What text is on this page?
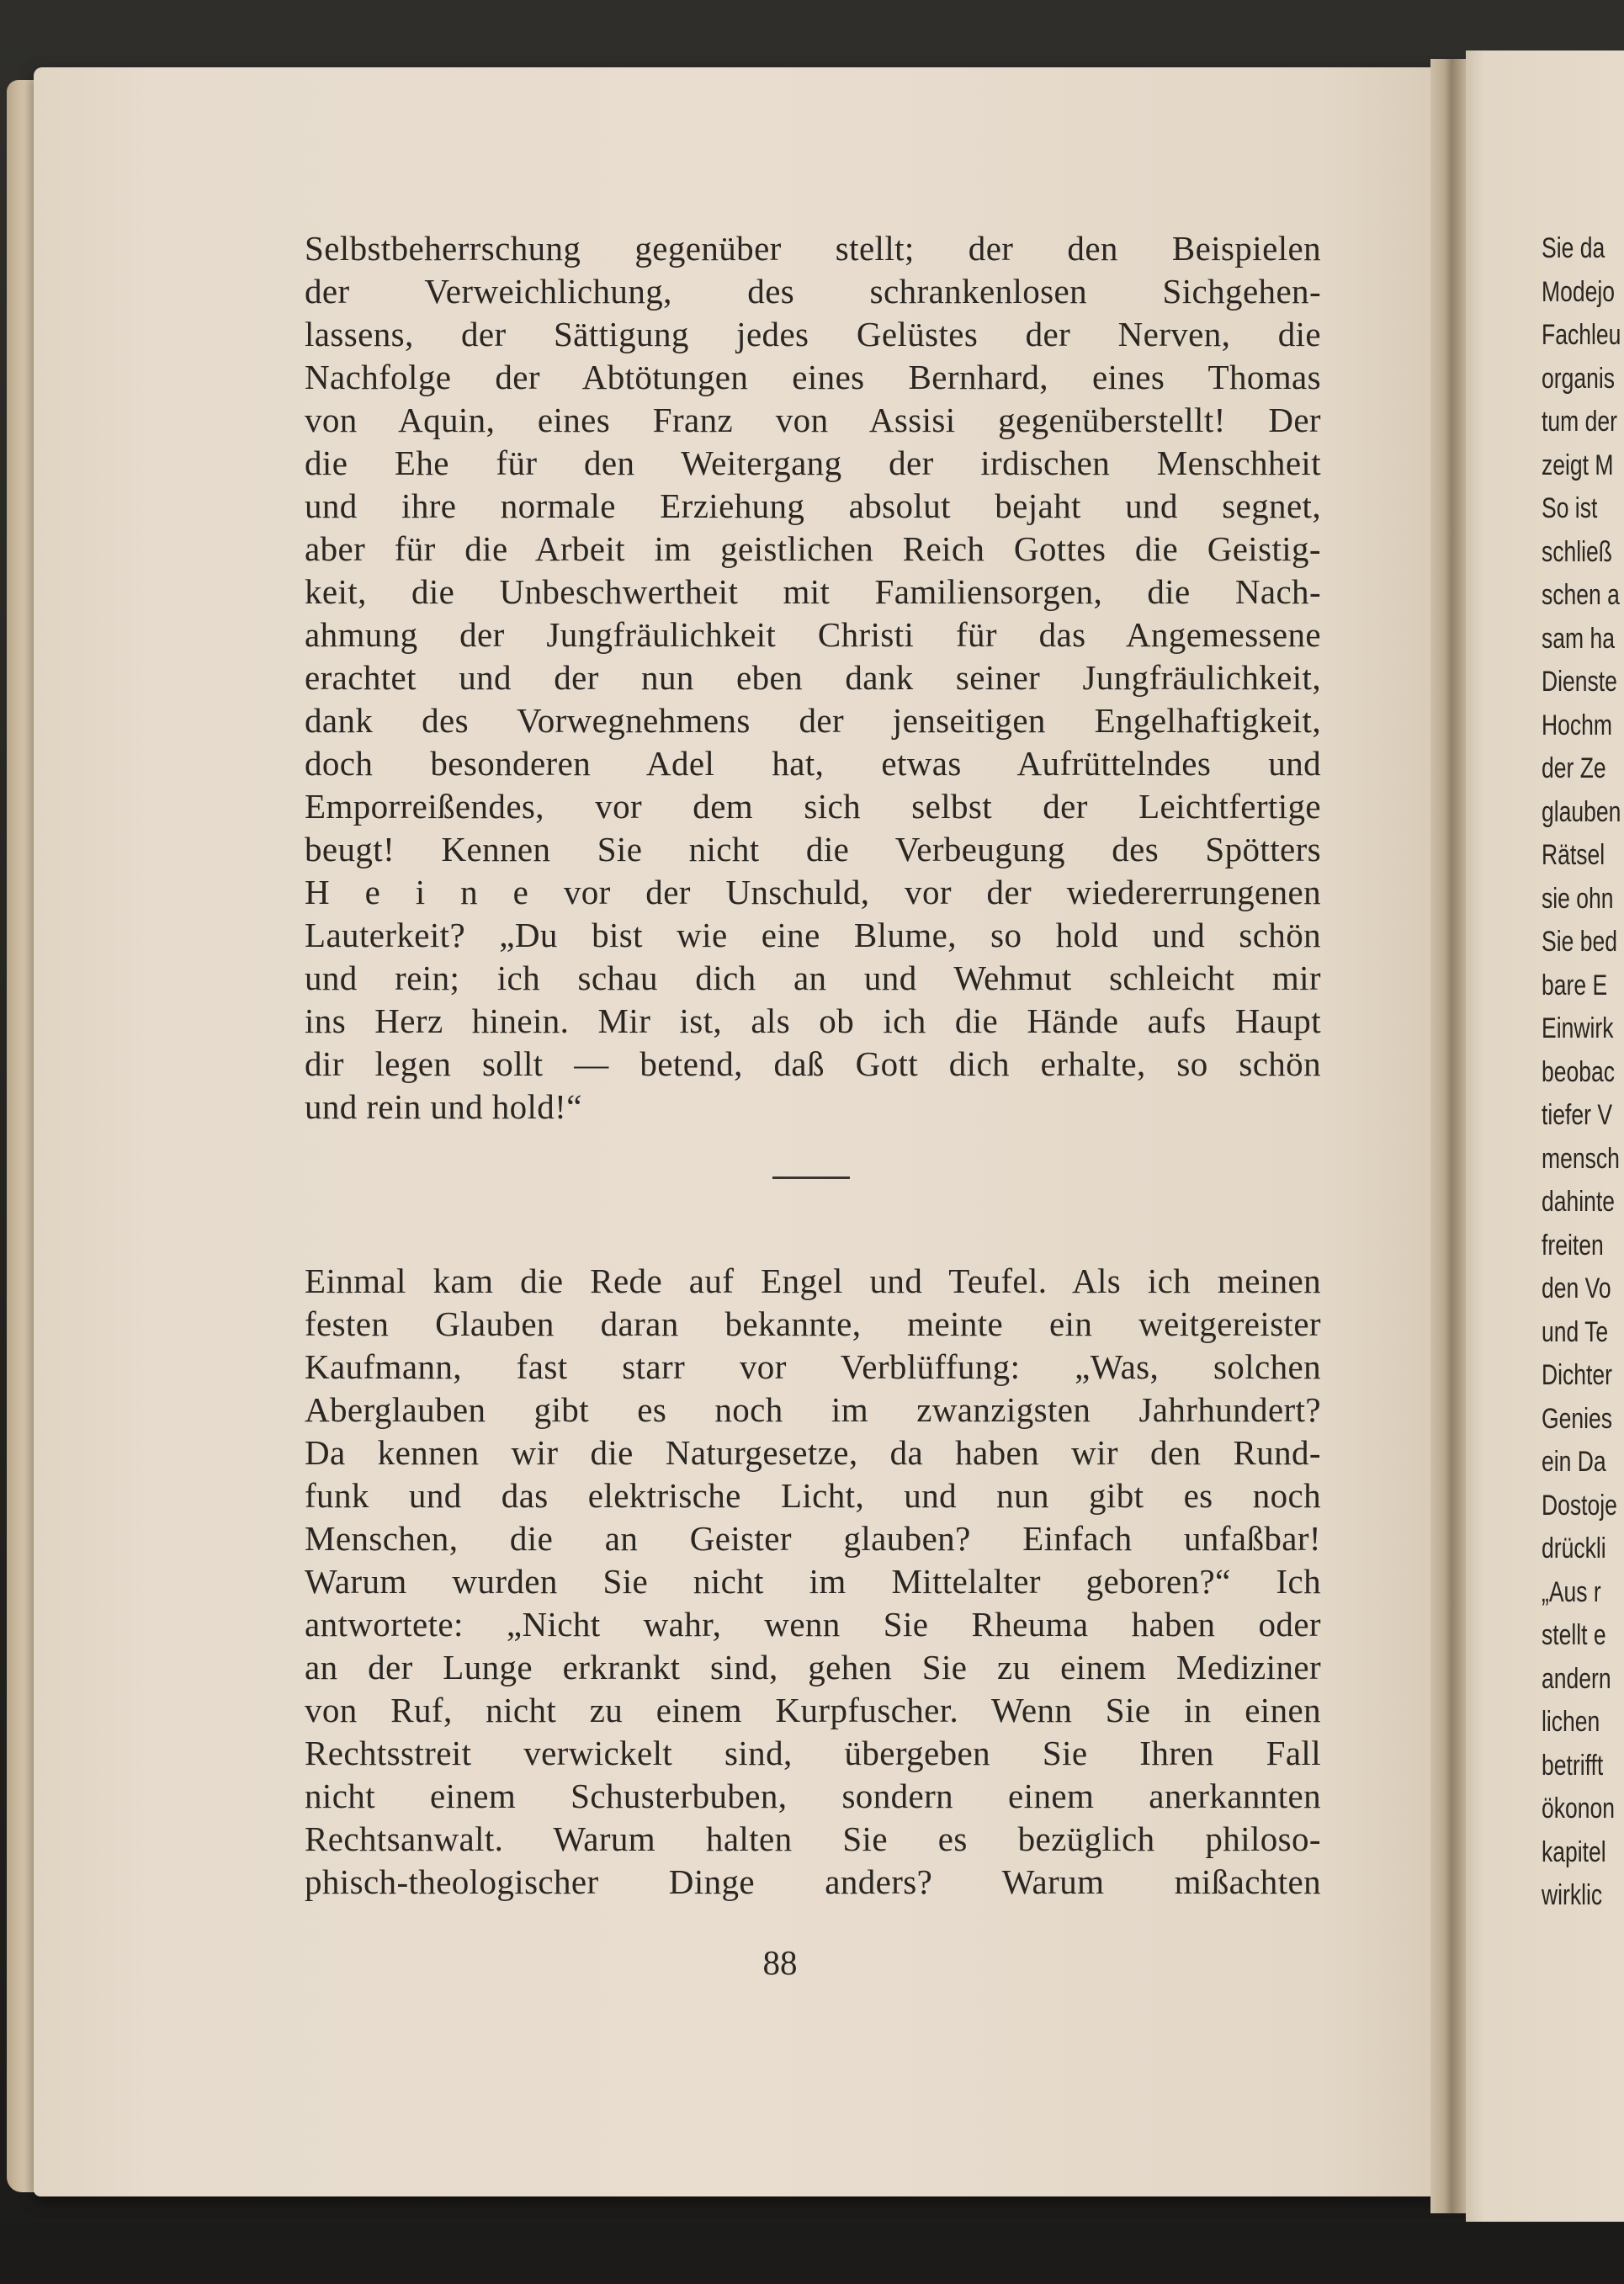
Selbstbeherrschung gegenüber stellt; der den Beispielen
der Verweichlichung, des schrankenlosen Sichgehen-
lassens, der Sättigung jedes Gelüstes der Nerven, die
Nachfolge der Abtötungen eines Bernhard, eines Thomas
von Aquin, eines Franz von Assisi gegenüberstellt! Der
die Ehe für den Weitergang der irdischen Menschheit
und ihre normale Erziehung absolut bejaht und segnet,
aber für die Arbeit im geistlichen Reich Gottes die Geistig-
keit, die Unbeschwertheit mit Familiensorgen, die Nach-
ahmung der Jungfräulichkeit Christi für das Angemessene
erachtet und der nun eben dank seiner Jungfräulichkeit,
dank des Vorwegnehmens der jenseitigen Engelhaftigkeit,
doch besonderen Adel hat, etwas Aufrüttelndes und
Emporreißendes, vor dem sich selbst der Leichtfertige
beugt! Kennen Sie nicht die Verbeugung des Spötters
H e i n e vor der Unschuld, vor der wiedererrungenen
Lauterkeit? „Du bist wie eine Blume, so hold und schön
und rein; ich schau dich an und Wehmut schleicht mir
ins Herz hinein. Mir ist, als ob ich die Hände aufs Haupt
dir legen sollt — betend, daß Gott dich erhalte, so schön
und rein und hold!“
Einmal kam die Rede auf Engel und Teufel. Als ich meinen
festen Glauben daran bekannte, meinte ein weitgereister
Kaufmann, fast starr vor Verblüffung: „Was, solchen
Aberglauben gibt es noch im zwanzigsten Jahrhundert?
Da kennen wir die Naturgesetze, da haben wir den Rund-
funk und das elektrische Licht, und nun gibt es noch
Menschen, die an Geister glauben? Einfach unfaßbar!
Warum wurden Sie nicht im Mittelalter geboren?“ Ich
antwortete: „Nicht wahr, wenn Sie Rheuma haben oder
an der Lunge erkrankt sind, gehen Sie zu einem Mediziner
von Ruf, nicht zu einem Kurpfuscher. Wenn Sie in einen
Rechtsstreit verwickelt sind, übergeben Sie Ihren Fall
nicht einem Schusterbuben, sondern einem anerkannten
Rechtsanwalt. Warum halten Sie es bezüglich philoso-
phisch-theologischer Dinge anders? Warum mißachten
88
Sie da
Modejo
Fachleu
organis
tum der
zeigt M
So ist
schließ
schen a
sam ha
Dienste
Hochm
der Ze
glauben
Rätsel
sie ohn
Sie bed
bare E
Einwirk
beobac
tiefer V
mensch
dahinte
freiten
den Vo
und Te
Dichter
Genies
ein Da
Dostoje
drückli
„Aus r
stellt e
andern
lichen
betrifft
ökonon
kapitel
wirklic
